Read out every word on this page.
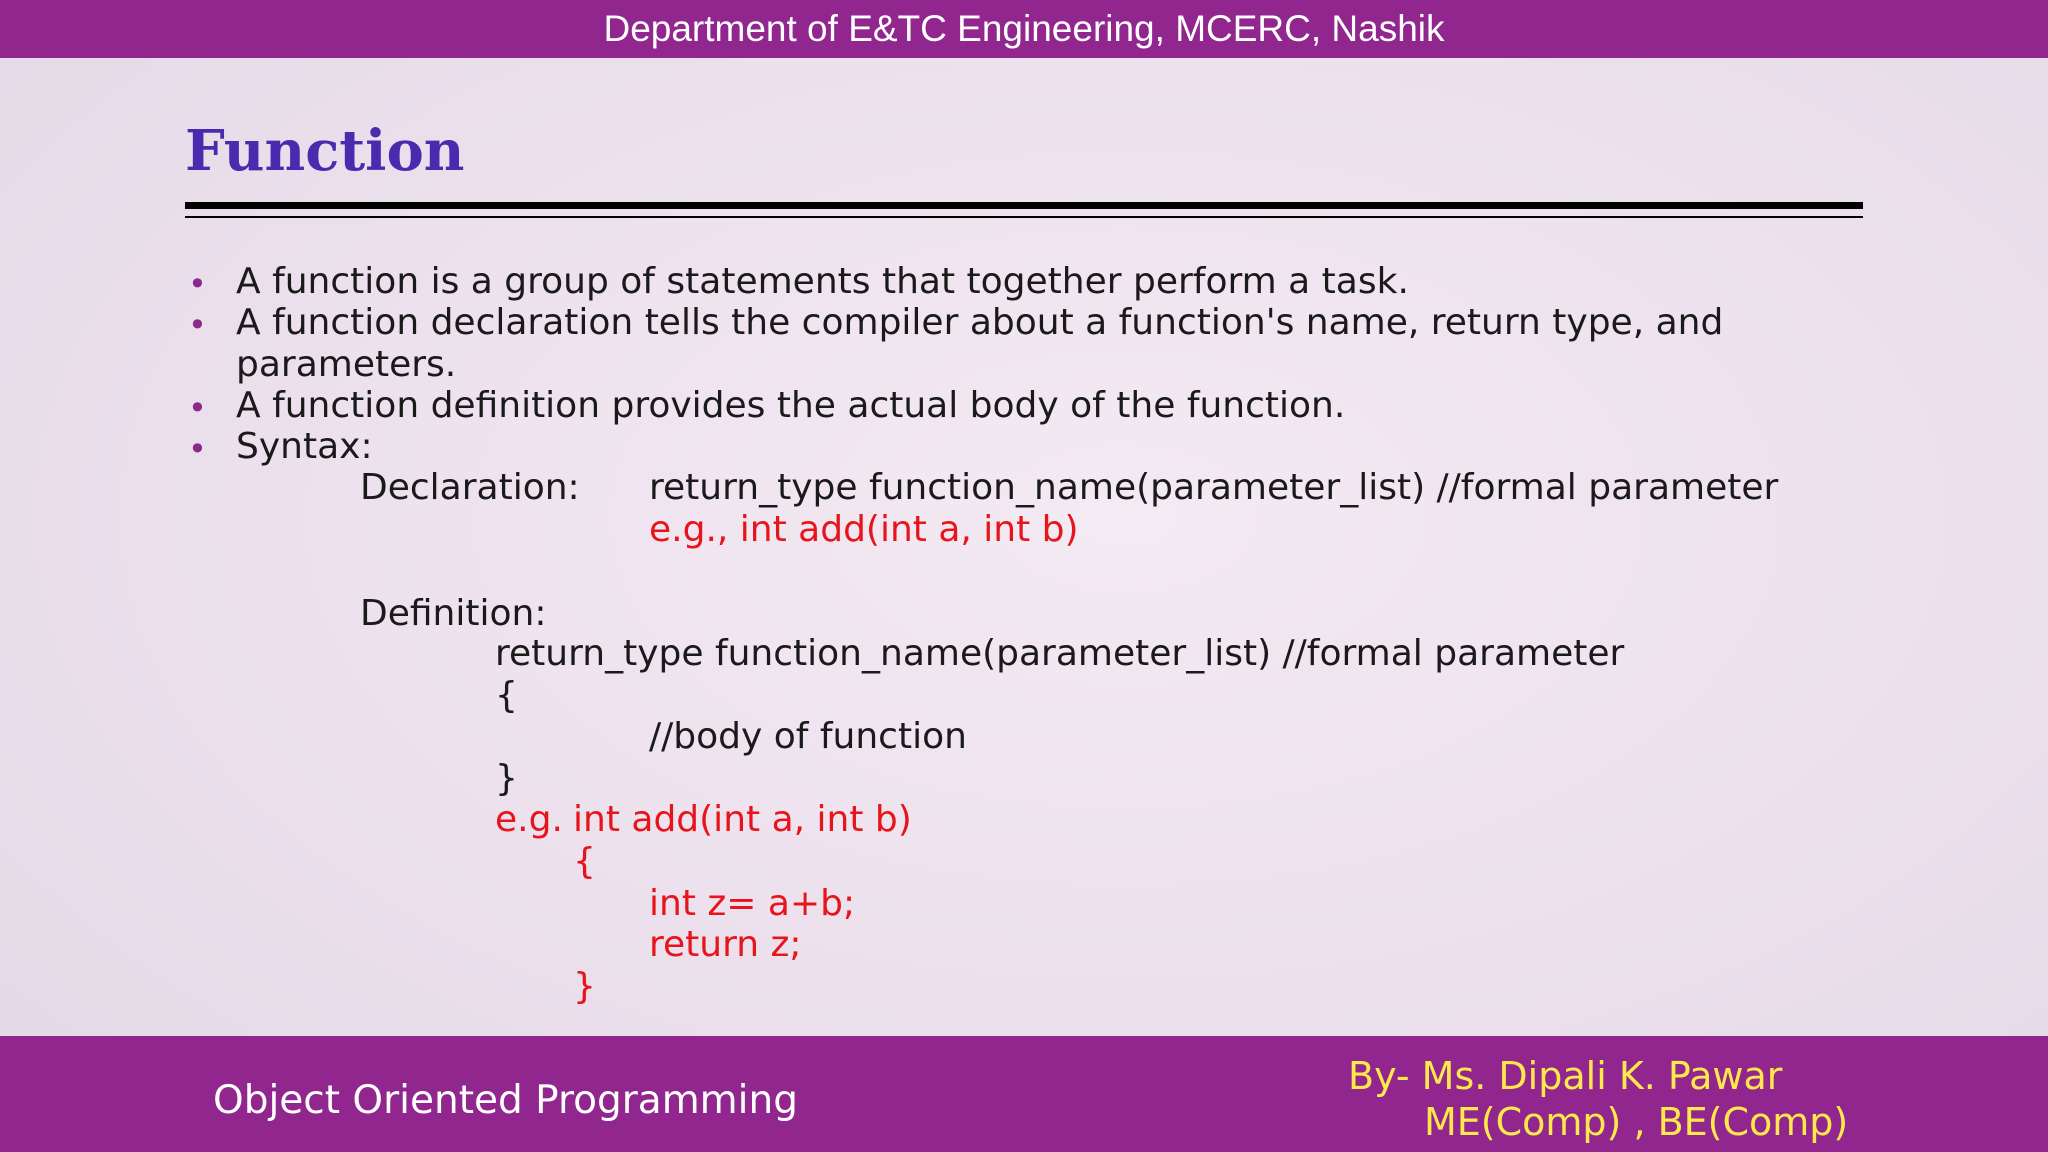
Department of E&TC Engineering, MCERC, Nashik
Function
• A function is a group of statements that together perform a task.
• A function declaration tells the compiler about a function's name, return type, and
parameters.
• A function definition provides the actual body of the function.
• Syntax:
Declaration: return_type function_name(parameter_list) //formal parameter
e.g., int add(int a, int b)
Definition:
return_type function_name(parameter_list) //formal parameter
{
//body of function
}
e.g. int add(int a, int b)
{
int z= a+b;
return z;
}
Object Oriented Programming
By- Ms. Dipali K. Pawar
ME(Comp) , BE(Comp)
